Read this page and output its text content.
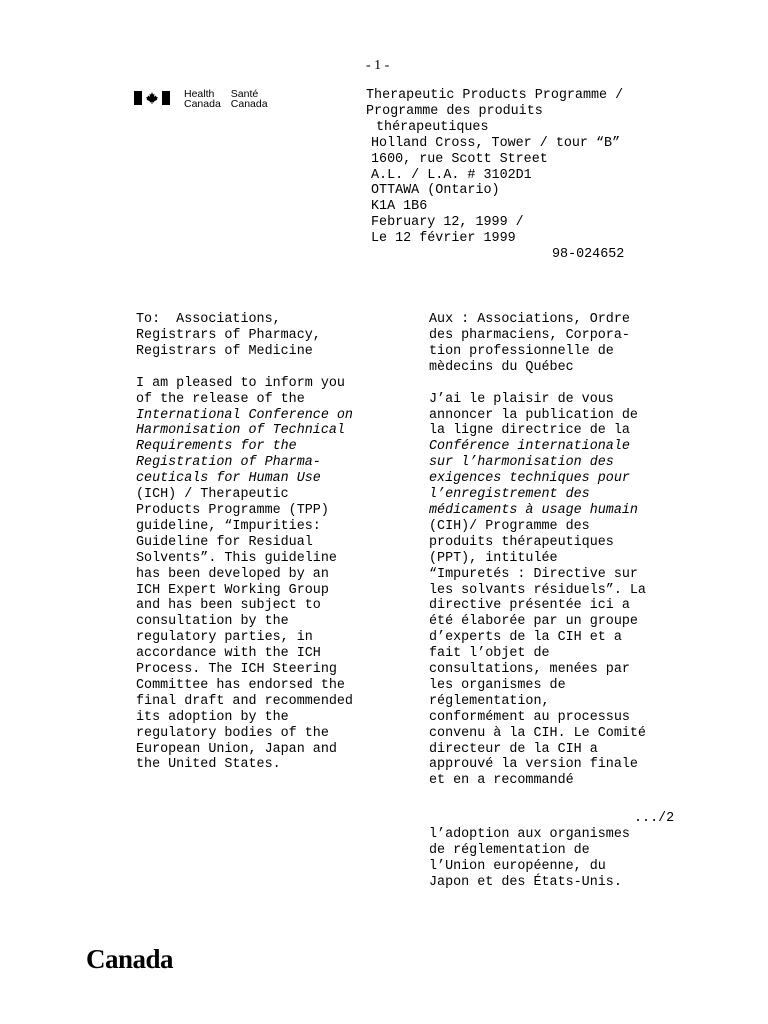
- 1 -
Health
Canada
Santé
Canada
Therapeutic Products Programme /
Programme des produits
thérapeutiques
Holland Cross, Tower / tour “B”
1600, rue Scott Street
A.L. / L.A. # 3102D1
OTTAWA (Ontario)
K1A 1B6
February 12, 1999 /
Le 12 février 1999
98-024652
To:  Associations,
Registrars of Pharmacy,
Registrars of Medicine
I am pleased to inform you
of the release of the
International Conference on
Harmonisation of Technical
Requirements for the
Registration of Pharma-
ceuticals for Human Use
(ICH) / Therapeutic
Products Programme (TPP)
guideline, “Impurities:
Guideline for Residual
Solvents”. This guideline
has been developed by an
ICH Expert Working Group
and has been subject to
consultation by the
regulatory parties, in
accordance with the ICH
Process. The ICH Steering
Committee has endorsed the
final draft and recommended
its adoption by the
regulatory bodies of the
European Union, Japan and
the United States.
Aux : Associations, Ordre
des pharmaciens, Corpora-
tion professionnelle de
mèdecins du Québec
J’ai le plaisir de vous
annoncer la publication de
la ligne directrice de la
Conférence internationale
sur l’harmonisation des
exigences techniques pour
l’enregistrement des
médicaments à usage humain
(CIH)/ Programme des
produits thérapeutiques
(PPT), intitulée
“Impuretés : Directive sur
les solvants résiduels”. La
directive présentée ici a
été élaborée par un groupe
d’experts de la CIH et a
fait l’objet de
consultations, menées par
les organismes de
réglementation,
conformément au processus
convenu à la CIH. Le Comité
directeur de la CIH a
approuvé la version finale
et en a recommandé
.../2
l’adoption aux organismes
de réglementation de
l’Union européenne, du
Japon et des États-Unis.
Canada
